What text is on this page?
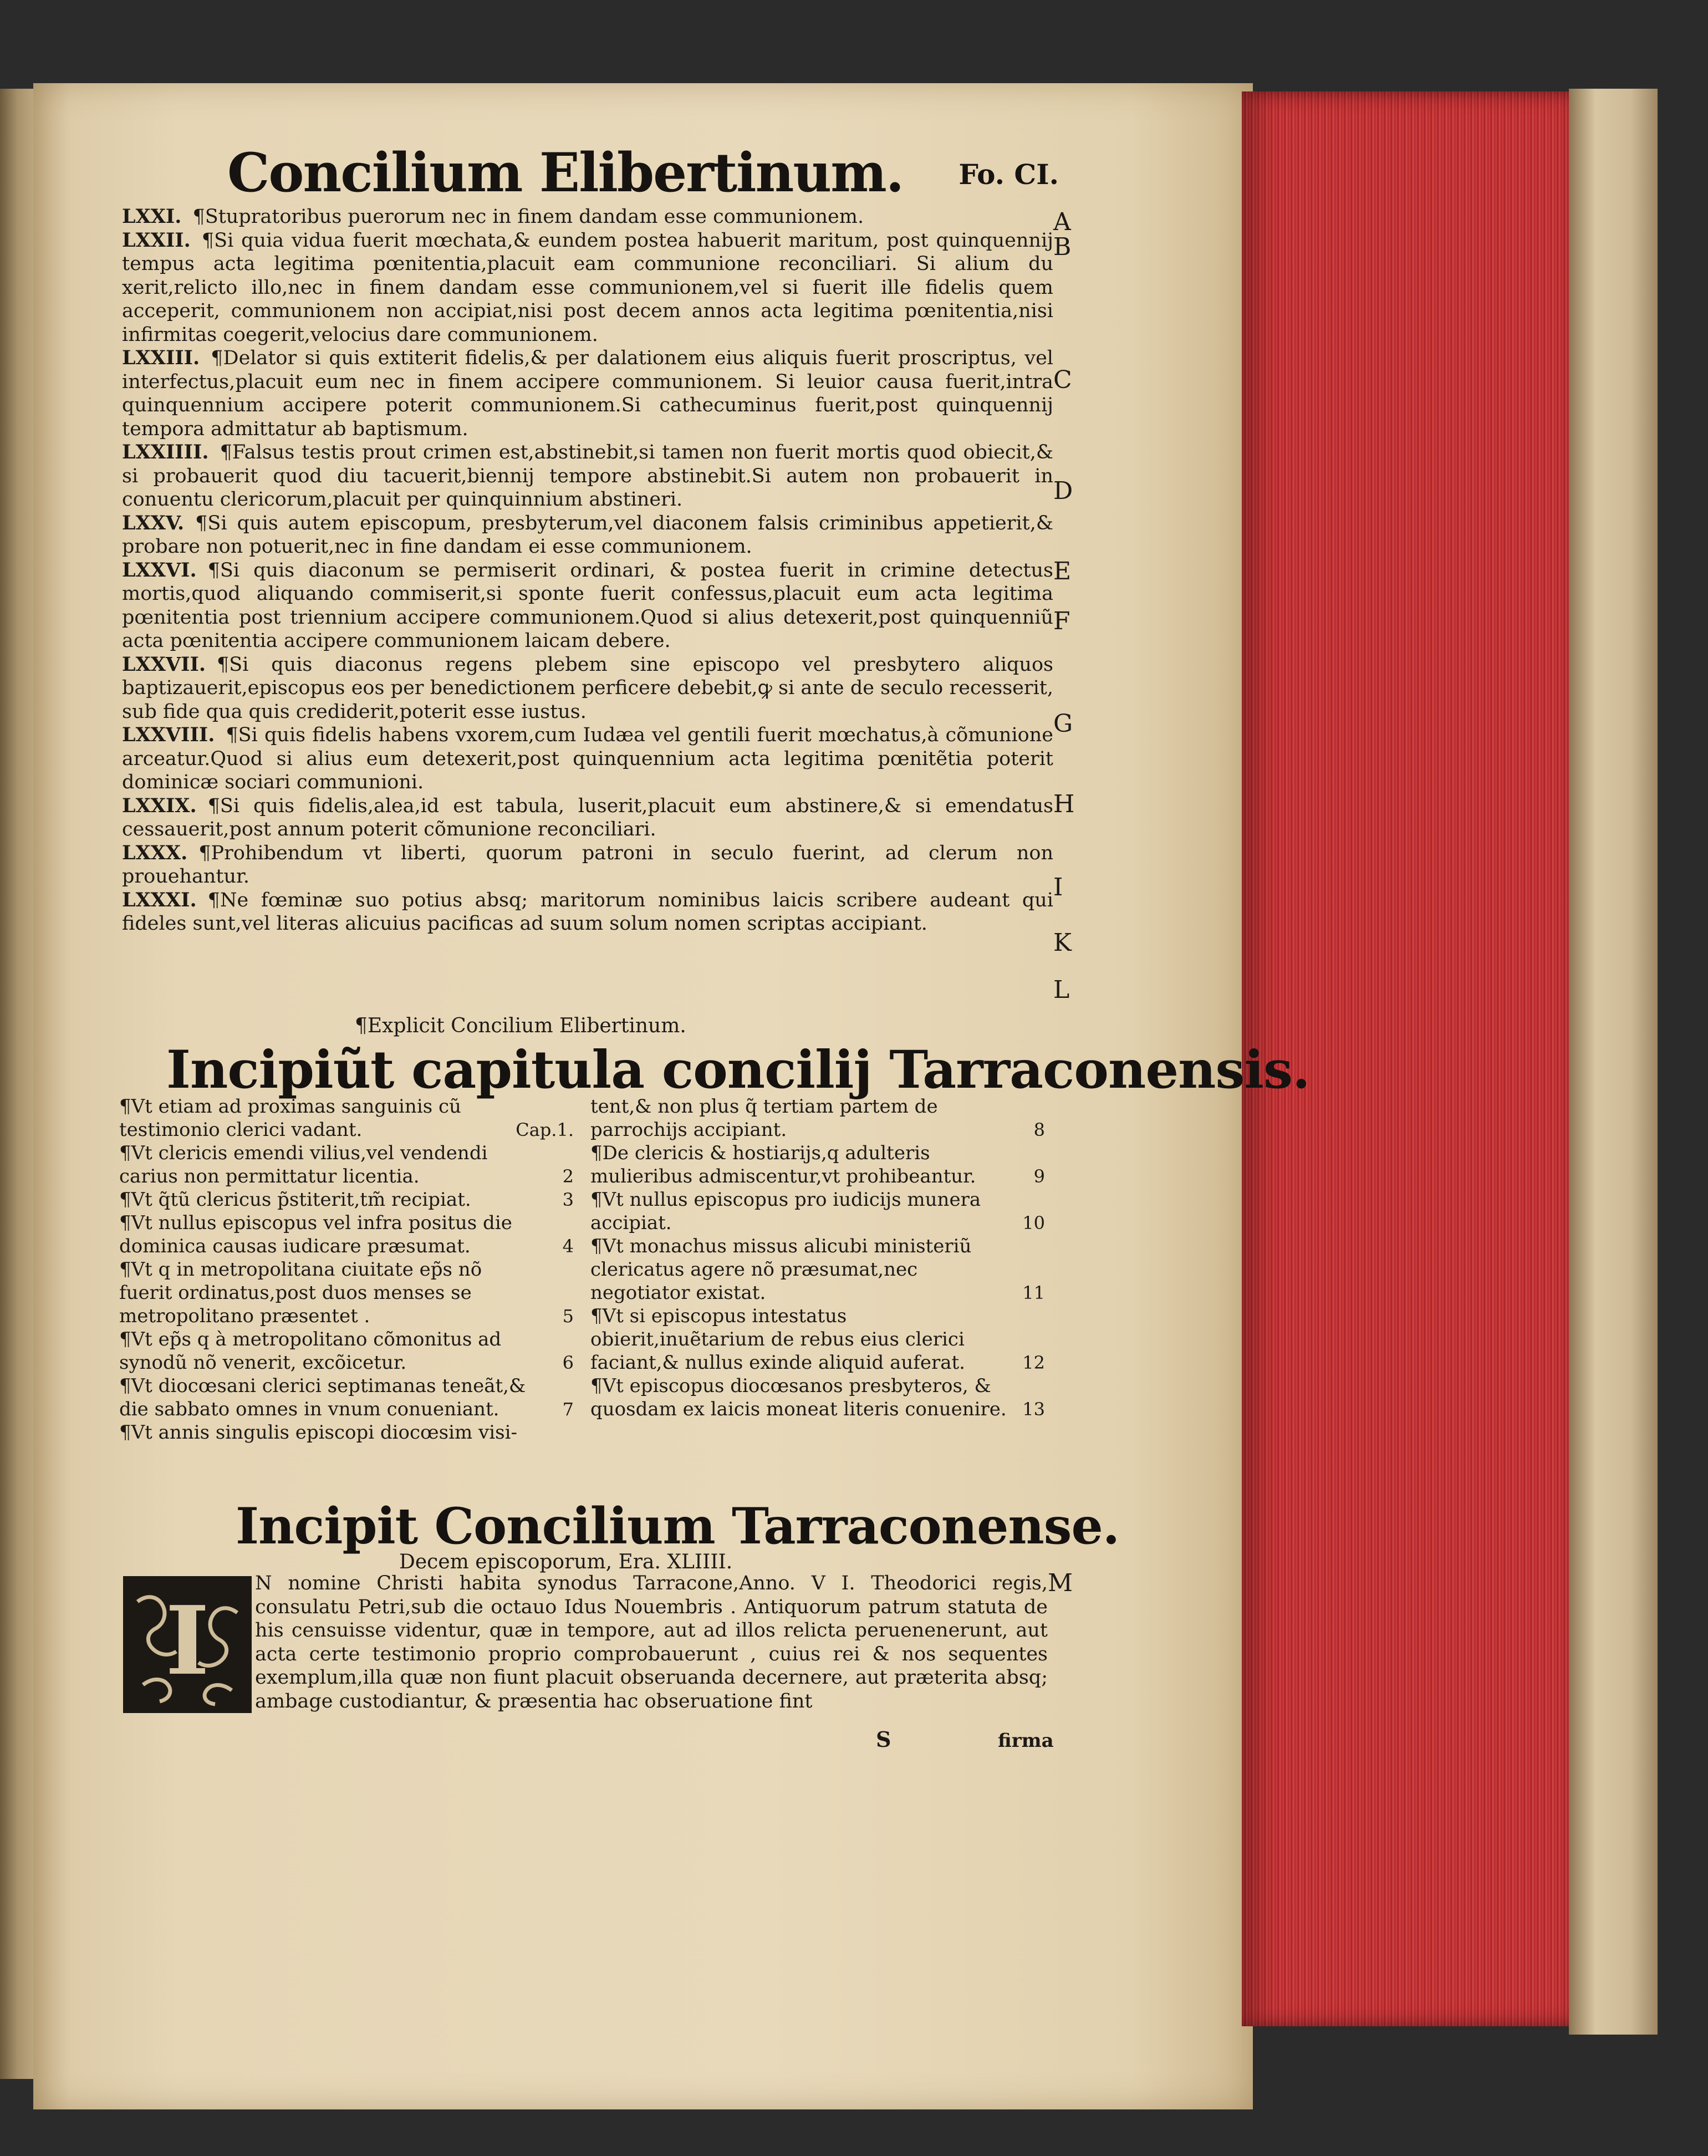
Concilium Elibertinum. Fo. CI.

LXXI. ¶Stupratoribus puerorum nec in finem dandam esse communionem.

LXXII. ¶Si quia vidua fuerit mœchata,& eundem postea habuerit maritum, post quinquennij tempus acta legitima pœnitentia,placuit eam communione reconciliari. Si alium du xerit,relicto illo,nec in finem dandam esse communionem,vel si fuerit ille fidelis quem acceperit, communionem non accipiat,nisi post decem annos acta legitima pœnitentia,nisi infirmitas coegerit,velocius dare communionem.

LXXIII. ¶Delator si quis extiterit fidelis,& per dalationem eius aliquis fuerit proscriptus, vel interfectus,placuit eum nec in finem accipere communionem. Si leuior causa fuerit,intra quinquennium accipere poterit communionem.Si cathecuminus fuerit,post quinquennij tempora admittatur ab baptismum.

LXXIIII. ¶Falsus testis prout crimen est,abstinebit,si tamen non fuerit mortis quod obiecit,& si probauerit quod diu tacuerit,biennij tempore abstinebit.Si autem non probauerit in conuentu clericorum,placuit per quinquinnium abstineri.

LXXV. ¶Si quis autem episcopum, presbyterum,vel diaconem falsis criminibus appetierit,& probare non potuerit,nec in fine dandam ei esse communionem.

LXXVI. ¶Si quis diaconum se permiserit ordinari, & postea fuerit in crimine detectus mortis,quod aliquando commiserit,si sponte fuerit confessus,placuit eum acta legitima pœnitentia post triennium accipere communionem.Quod si alius detexerit,post quinquenniũ acta pœnitentia accipere communionem laicam debere.

LXXVII. ¶Si quis diaconus regens plebem sine episcopo vel presbytero aliquos baptizauerit,episcopus eos per benedictionem perficere debebit,ꝙ si ante de seculo recesserit, sub fide qua quis crediderit,poterit esse iustus.

LXXVIII. ¶Si quis fidelis habens vxorem,cum Iudæa vel gentili fuerit mœchatus,à cõmunione arceatur.Quod si alius eum detexerit,post quinquennium acta legitima pœnitẽtia poterit dominicæ sociari communioni.

LXXIX. ¶Si quis fidelis,alea,id est tabula, luserit,placuit eum abstinere,& si emendatus cessauerit,post annum poterit cõmunione reconciliari.

LXXX. ¶Prohibendum vt liberti, quorum patroni in seculo fuerint, ad clerum non prouehantur.

LXXXI. ¶Ne fœminæ suo potius absq; maritorum nominibus laicis scribere audeant qui fideles sunt,vel literas alicuius pacificas ad suum solum nomen scriptas accipiant.

A
B
C
D
E
F
G
H
I
K
L
¶Explicit Concilium Elibertinum.
Incipiũt capitula concilij Tarraconensis.

¶Vt etiam ad proximas sanguinis cũ testimonio clerici vadant.	Cap.1.

¶Vt clericis emendi vilius,vel vendendi carius non permittatur licentia.	2

¶Vt q̃tũ clericus p̃stiterit,tm̃ recipiat.	3

¶Vt nullus episcopus vel infra positus die dominica causas iudicare præsumat.	4

¶Vt q in metropolitana ciuitate ep̃s nõ fuerit ordinatus,post duos menses se metropolitano præsentet .	5

¶Vt ep̃s q à metropolitano cõmonitus ad synodũ nõ venerit, excõicetur.	6

¶Vt diocœsani clerici septimanas teneãt,& die sabbato omnes in vnum conueniant.	7

¶Vt annis singulis episcopi diocœsim visi-

tent,& non plus q̃ tertiam partem de parrochijs accipiant.	8

¶De clericis & hostiarijs,q adulteris mulieribus admiscentur,vt prohibeantur.	9

¶Vt nullus episcopus pro iudicijs munera accipiat.	10

¶Vt monachus missus alicubi ministeriũ clericatus agere nõ præsumat,nec negotiator existat.	11

¶Vt si episcopus intestatus obierit,inuẽtarium de rebus eius clerici faciant,& nullus exinde aliquid auferat.	12

¶Vt episcopus diocœsanos presbyteros, & quosdam ex laicis moneat literis conuenire. 13

Incipit Concilium Tarraconense.
Decem episcoporum, Era. XLIIII.
I

N nomine Christi habita synodus Tarracone,Anno. V I. Theodorici regis, consulatu Petri,sub die octauo Idus Nouembris . Antiquorum patrum statuta de his censuisse videntur, quæ in tempore, aut ad illos relicta peruenenerunt, aut acta certe testimonio proprio comprobauerunt , cuius rei & nos sequentes exemplum,illa quæ non fiunt placuit obseruanda decernere, aut præterita absq; ambage custodiantur, & præsentia hac obseruatione fint

M
S	firma
